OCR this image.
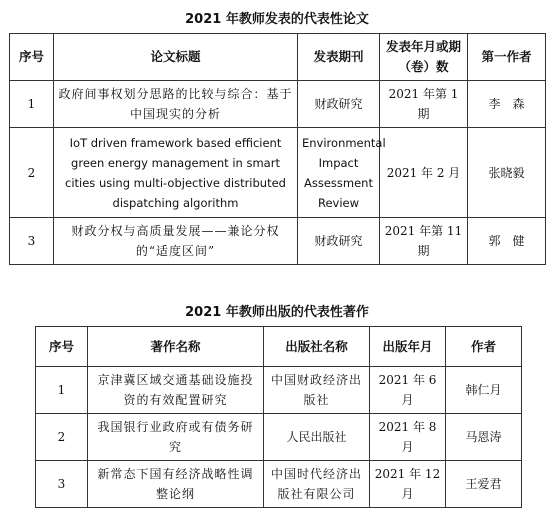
2021 年教师发表的代表性论文
序号	论文标题	发表期刊	发表年月或期（卷）数	第一作者
1	政府间事权划分思路的比较与综合：基于中国现实的分析	财政研究	2021 年第 1 期	李　森
2	IoT driven framework based efficient green energy management in smart cities using multi-objective distributed dispatching algorithm	Environmental Impact Assessment Review	2021 年 2 月	张晓毅
3	财政分权与高质量发展——兼论分权的“适度区间”	财政研究	2021 年第 11 期	郭　健
2021 年教师出版的代表性著作
序号	著作名称	出版社名称	出版年月	作者
1	京津冀区域交通基础设施投资的有效配置研究	中国财政经济出版社	2021 年 6 月	韩仁月
2	我国银行业政府或有债务研究	人民出版社	2021 年 8 月	马恩涛
3	新常态下国有经济战略性调整论纲	中国时代经济出版社有限公司	2021 年 12 月	王爱君
